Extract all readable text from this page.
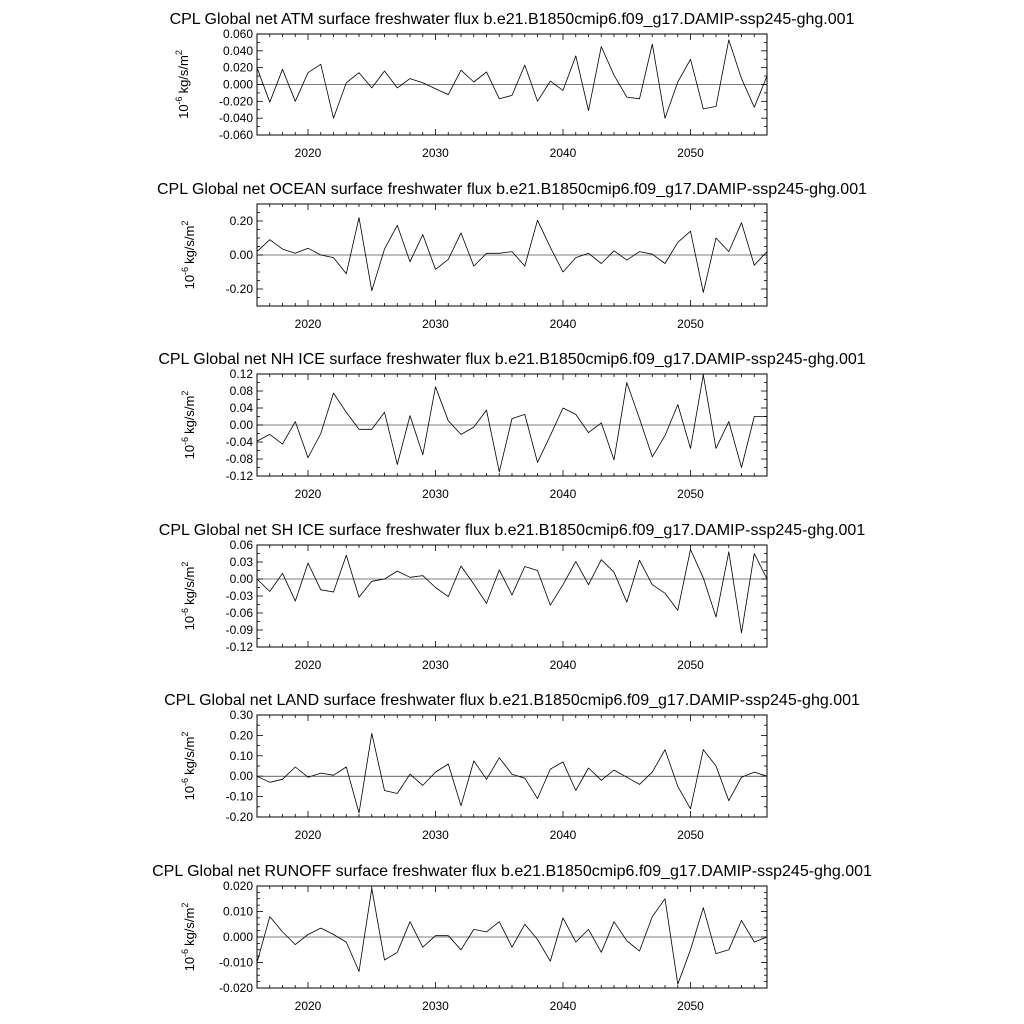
CPL Global net ATM surface freshwater flux b.e21.B1850cmip6.f09_g17.DAMIP-ssp245-ghg.001
2020	2030	2040	2050
-0.060
-0.040
-0.020
0.000
0.020
0.040
0.060
$10^{-6}kg/s/m^2$
CPL Global net OCEAN surface freshwater flux b.e21.B1850cmip6.f09_g17.DAMIP-ssp245-ghg.001
2020	2030	2040	2050
-0.20
0.00
0.20
$10^{-6}kg/s/m^2$
CPL Global net NH ICE surface freshwater flux b.e21.B1850cmip6.f09_g17.DAMIP-ssp245-ghg.001
2020	2030	2040	2050
-0.12
-0.08
-0.04
0.00
0.04
0.08
0.12
$10^{-6}kg/s/m^2$
CPL Global net SH ICE surface freshwater flux b.e21.B1850cmip6.f09_g17.DAMIP-ssp245-ghg.001
2020	2030	2040	2050
-0.12
-0.09
-0.06
-0.03
0.00
0.03
0.06
$10^{-6}kg/s/m^2$
CPL Global net LAND surface freshwater flux b.e21.B1850cmip6.f09_g17.DAMIP-ssp245-ghg.001
2020	2030	2040	2050
-0.20
-0.10
0.00
0.10
0.20
0.30
$10^{-6}kg/s/m^2$
CPL Global net RUNOFF surface freshwater flux b.e21.B1850cmip6.f09_g17.DAMIP-ssp245-ghg.001
2020	2030	2040	2050
-0.020
-0.010
0.000
0.010
0.020
$10^{-6}kg/s/m^2$
